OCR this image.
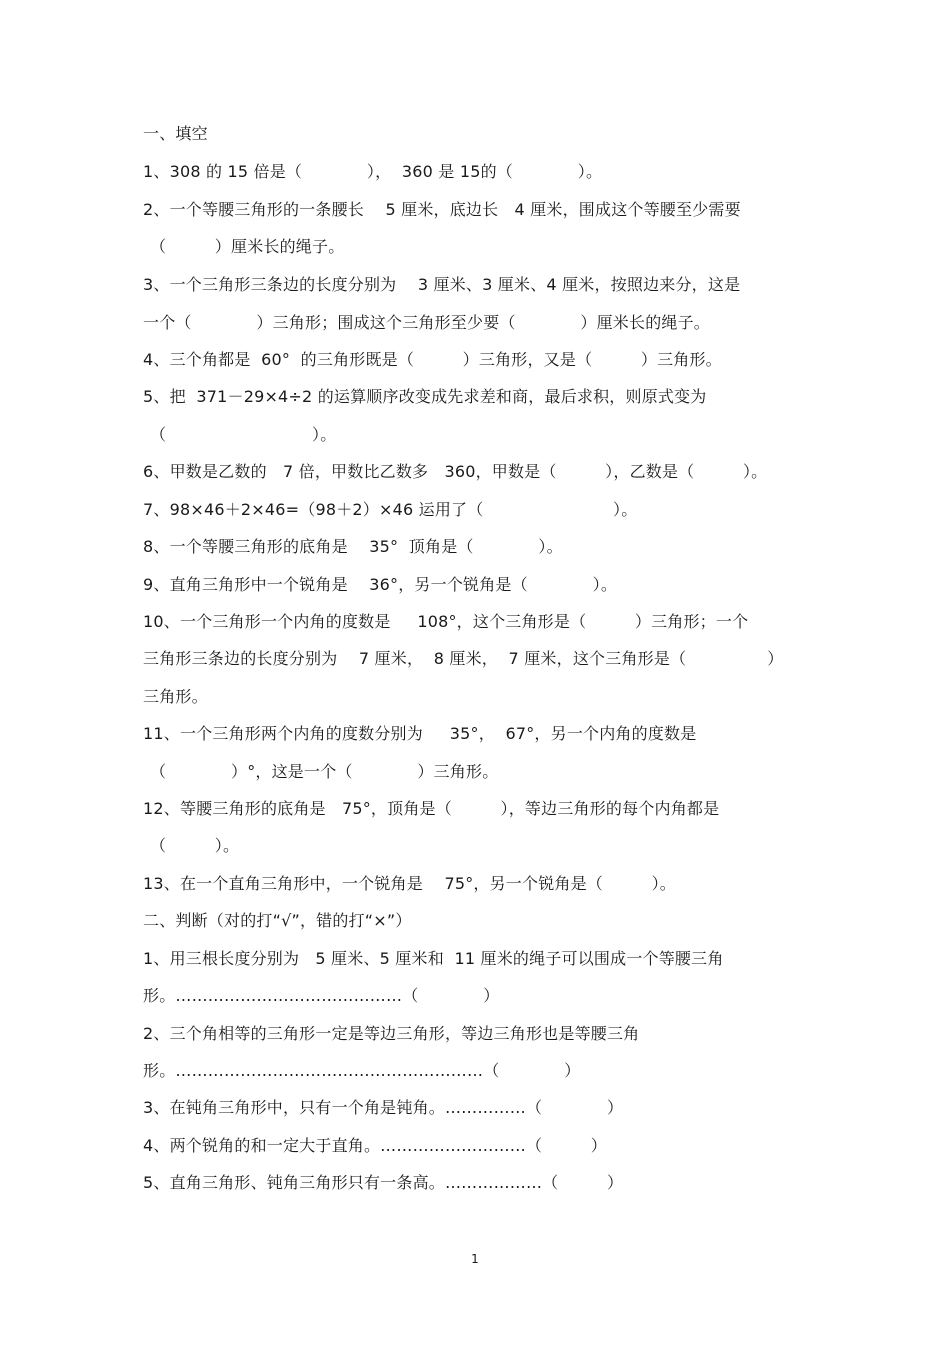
一、填空
1、308 的 15 倍是（　　　　），  360 是 15的（　　　　）。
2、一个等腰三角形的一条腰长　 5 厘米，底边长　4 厘米，围成这个等腰至少需要
（　　　）厘米长的绳子。
3、一个三角形三条边的长度分别为　 3 厘米、3 厘米、4 厘米，按照边来分，这是
一个（　　　　）三角形；围成这个三角形至少要（　　　　）厘米长的绳子。
4、三个角都是  60°  的三角形既是（　　　）三角形，又是（　　　）三角形。
5、把  371－29×4÷2 的运算顺序改变成先求差和商，最后求积，则原式变为
（　　　　　　　　　）。
6、甲数是乙数的　7 倍，甲数比乙数多　360，甲数是（　　　），乙数是（　　　）。
7、98×46＋2×46=（98＋2）×46 运用了（　　　　　　　　）。
8、一个等腰三角形的底角是　 35°  顶角是（　　　　）。
9、直角三角形中一个锐角是　 36°，另一个锐角是（　　　　）。
10、一个三角形一个内角的度数是　  108°，这个三角形是（　　　）三角形；一个
三角形三条边的长度分别为　 7 厘米，  8 厘米，  7 厘米，这个三角形是（　　　　　）
三角形。
11、一个三角形两个内角的度数分别为　  35°，  67°，另一个内角的度数是
（　　　　）°，这是一个（　　　　）三角形。
12、等腰三角形的底角是　75°，顶角是（　　　），等边三角形的每个内角都是
（　　　）。
13、在一个直角三角形中，一个锐角是　 75°，另一个锐角是（　　　）。
二、判断（对的打“√”，错的打“×”）
1、用三根长度分别为　5 厘米、5 厘米和  11 厘米的绳子可以围成一个等腰三角
形。……………………………………（　　　　）
2、三个角相等的三角形一定是等边三角形，等边三角形也是等腰三角
形。…………………………………………………（　　　　）
3、在钝角三角形中，只有一个角是钝角。……………（　　　　）
4、两个锐角的和一定大于直角。………………………（　　　）
5、直角三角形、钝角三角形只有一条高。………………（　　　）
1
